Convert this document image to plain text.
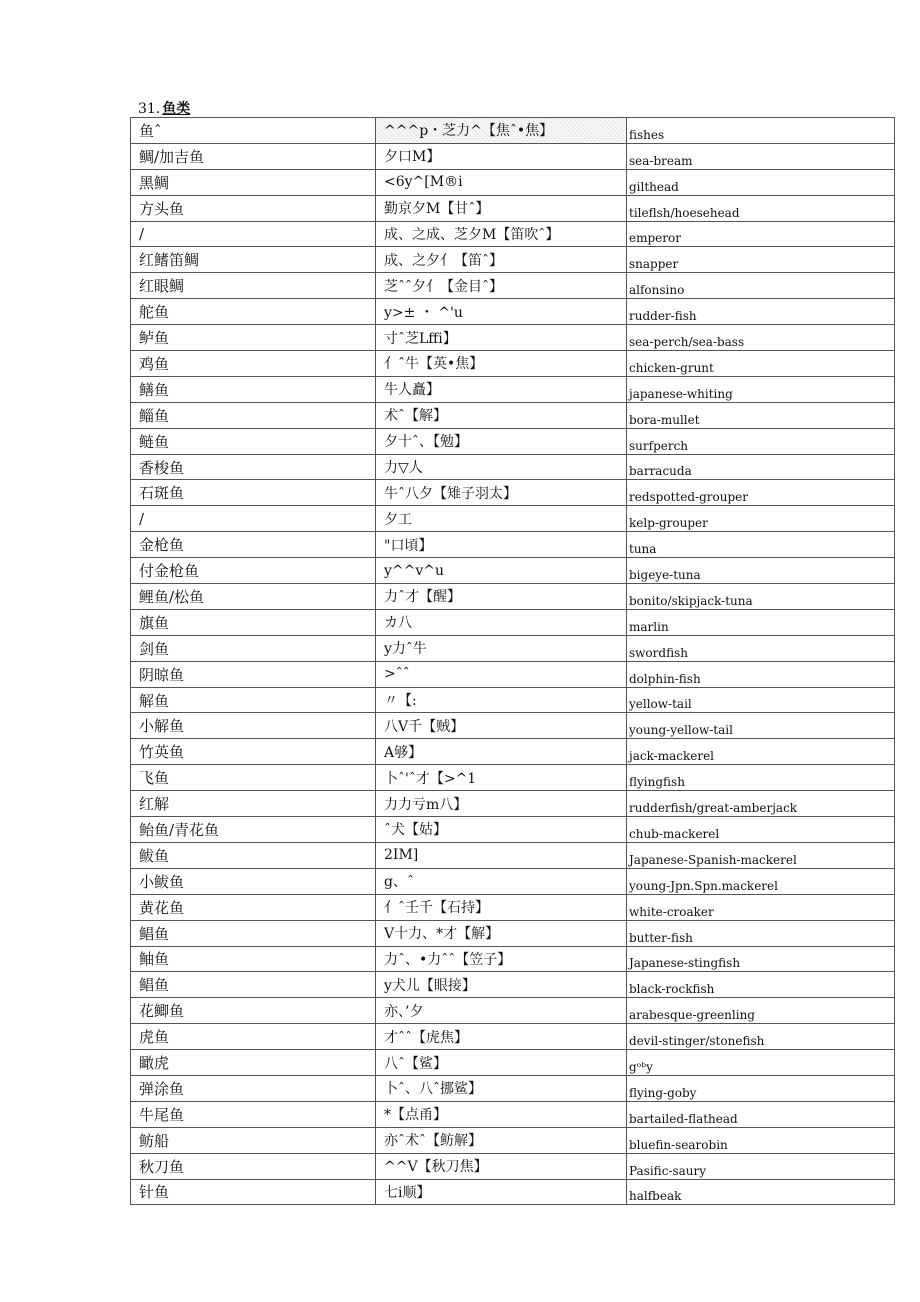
31. 鱼类
鱼ˆ	^^^p・芝力^【焦ˆ•焦】	fishes
鲷/加吉鱼	夕口M】	sea-bream
黑鲷	<6y^[M®i	gilthead
方头鱼	勤京夕M【甘ˆ】	tileflsh/hoesehead
/	成、之成、芝夕M【笛吹ˆ】	emperor
红鳍笛鲷	成、之夕亻【笛ˆ】	snapper
红眼鲷	芝ˆˆ夕亻【金目ˆ】	alfonsino
舵鱼	y>± ・ ^'u	rudder-fish
鲈鱼	寸ˆ芝Lffi】	sea-perch/sea-bass
鸡鱼	亻ˆ牛【英•焦】	chicken-grunt
鳝鱼	牛人矗】	japanese-whiting
鲻鱼	术ˆ【解】	bora-mullet
鲢鱼	夕十ˆ、【勉】	surfperch
香梭鱼	力▽人	barracuda
石斑鱼	牛ˆ八夕【雉子羽太】	redspotted-grouper
/	夕工	kelp-grouper
金枪鱼	"口頃】	tuna
付金枪鱼	y^^v^u	bigeye-tuna
鲤鱼/松鱼	力ˆ才【醒】	bonito/skipjack-tuna
旗鱼	カ八	marlin
剑鱼	y力ˆ牛	swordfish
阴晾鱼	>ˆˆ	dolphin-fish
解鱼	〃【:	yellow-tail
小解鱼	八V千【贼】	young-yellow-tail
竹英鱼	A够】	jack-mackerel
飞鱼	卜ˆ'ˆ才【>^1	flyingfish
红解	力力亏m八】	rudderfish/great-amberjack
鲐鱼/青花鱼	ˆ犬【姑】	chub-mackerel
鲅鱼	2IM]	Japanese-Spanish-mackerel
小鲅鱼	g、ˆ	young-Jpn.Spn.mackerel
黄花鱼	亻ˆ壬千【石持】	white-croaker
鲳鱼	V十力、*才【解】	butter-fish
鲉鱼	力ˆ、•力ˆˆ【笠子】	Japanese-stingfish
鲳鱼	y犬儿【眼接】	black-rockfish
花鲫鱼	亦、’夕	arabesque-greenling
虎鱼	才ˆˆ【虎焦】	devil-stinger/stonefish
瞰虎	八ˆ【鲨】	gᵒᵇy
弹涂鱼	卜ˆ、八ˆ挪鲨】	flying-goby
牛尾鱼	*【点甬】	bartailed-flathead
鲂船	亦ˆ术ˆ【鲂解】	bluefin-searobin
秋刀鱼	^^V【秋刀焦】	Pasific-saury
针鱼	七i顺】	halfbeak
